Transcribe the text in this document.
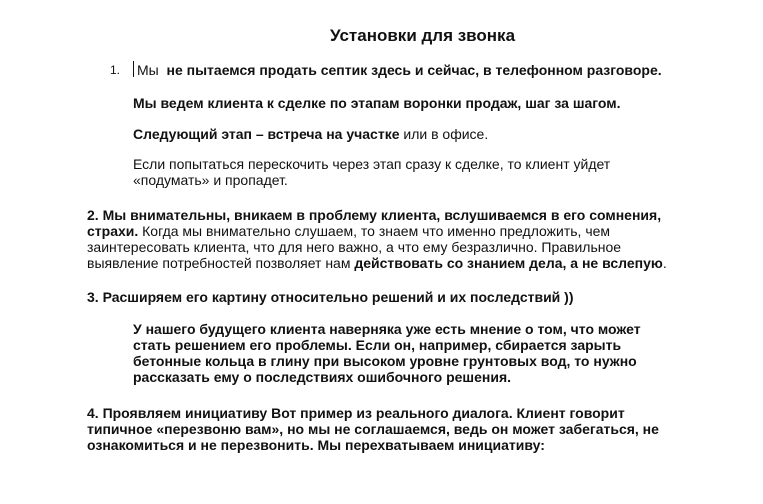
Установки для звонка
1. Мы не пытаемся продать септик здесь и сейчас, в телефонном разговоре.

Мы ведем клиента к сделке по этапам воронки продаж, шаг за шагом.

Следующий этап – встреча на участке или в офисе.

Если попытаться перескочить через этап сразу к сделке, то клиент уйдет
«подумать» и пропадет.

2. Мы внимательны, вникаем в проблему клиента, вслушиваемся в его сомнения,
страхи. Когда мы внимательно слушаем, то знаем что именно предложить, чем
заинтересовать клиента, что для него важно, а что ему безразлично. Правильное
выявление потребностей позволяет нам действовать со знанием дела, а не вслепую.

3. Расширяем его картину относительно решений и их последствий ))

У нашего будущего клиента наверняка уже есть мнение о том, что может
стать решением его проблемы. Если он, например, сбирается зарыть
бетонные кольца в глину при высоком уровне грунтовых вод, то нужно
рассказать ему о последствиях ошибочного решения.

4. Проявляем инициативу Вот пример из реального диалога. Клиент говорит
типичное «перезвоню вам», но мы не соглашаемся, ведь он может забегаться, не
ознакомиться и не перезвонить. Мы перехватываем инициативу:
